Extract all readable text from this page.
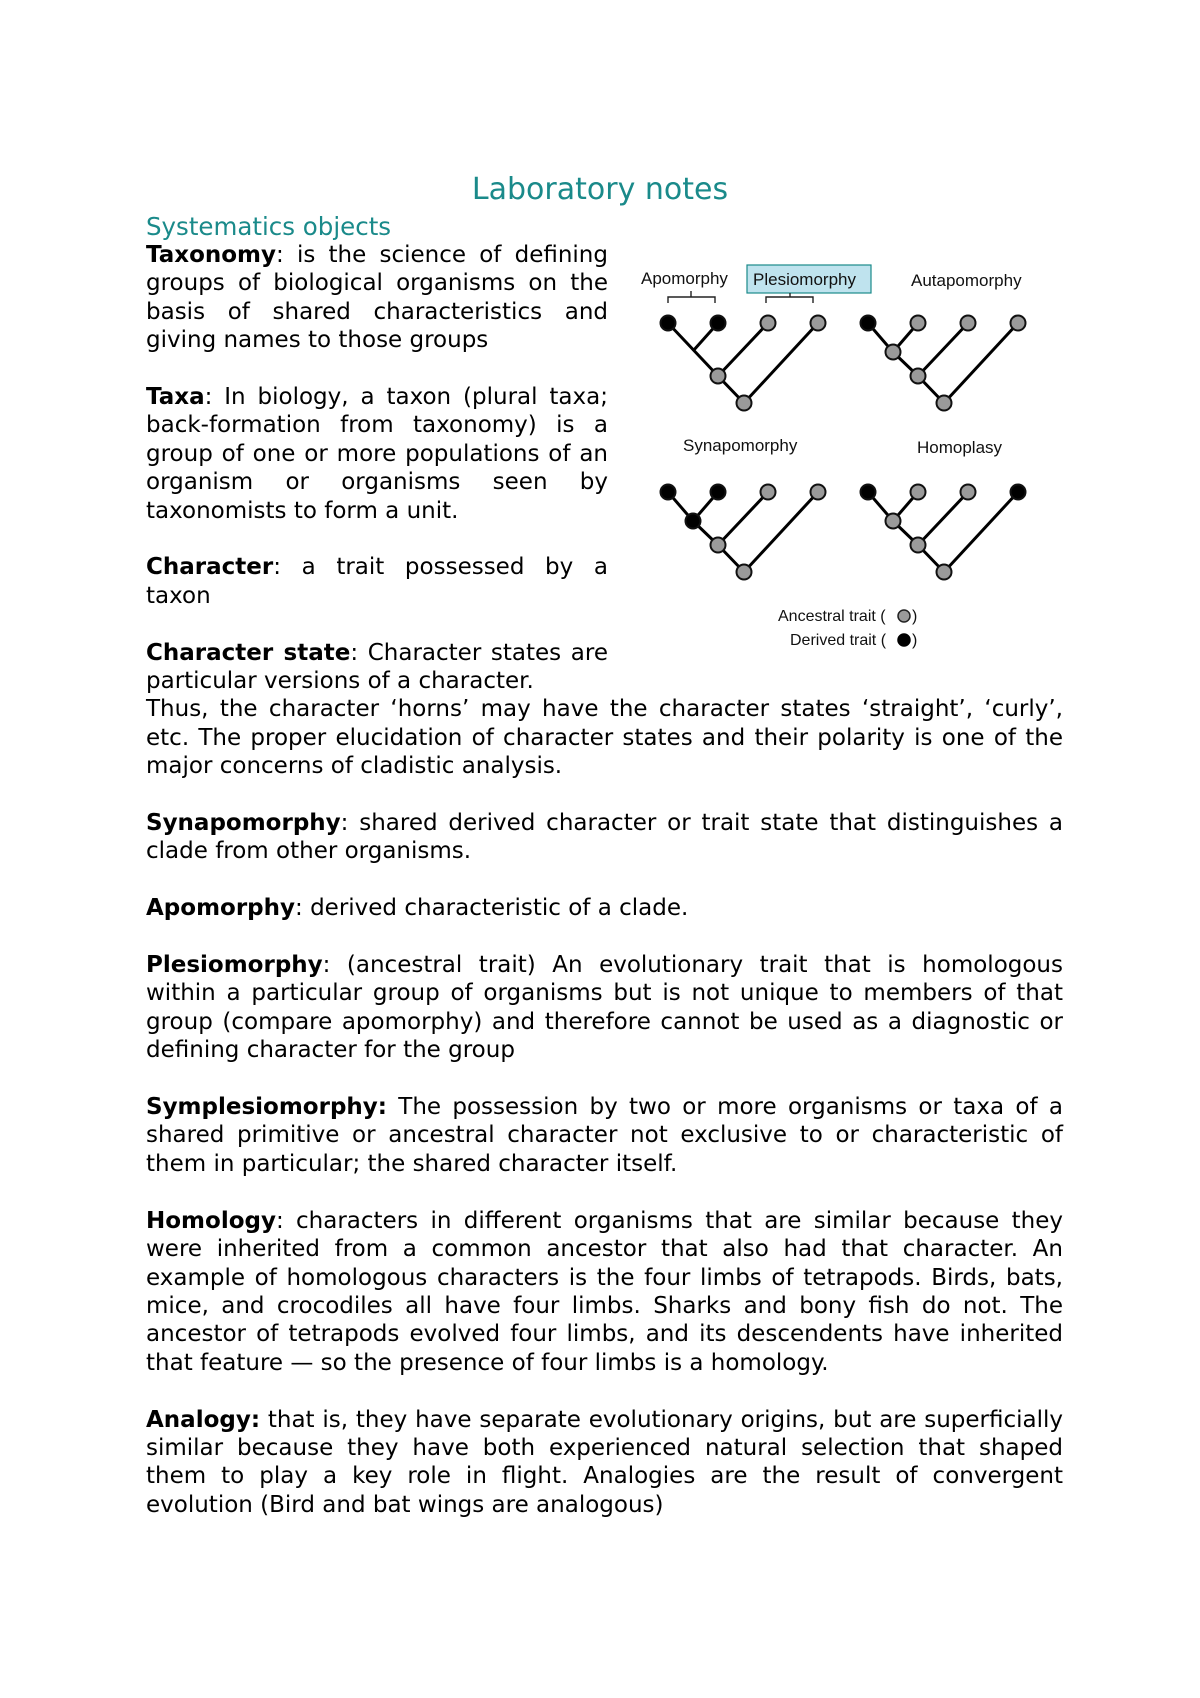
Laboratory notes
Systematics objects

Taxonomy: is the science of defining groups of biological organisms on the basis of shared characteristics and giving names to those groups

Taxa: In biology, a taxon (plural taxa; back-formation from taxonomy) is a group of one or more populations of an organism or organisms seen by taxonomists to form a unit.

Character: a trait possessed by a taxon

Character state: Character states are particular versions of a character.
Thus, the character ‘horns’ may have the character states ‘straight’, ‘curly’, etc. The proper elucidation of character states and their polarity is one of the major concerns of cladistic analysis.

Synapomorphy: shared derived character or trait state that distinguishes a clade from other organisms.

Apomorphy: derived characteristic of a clade.

Plesiomorphy: (ancestral trait) An evolutionary trait that is homologous within a particular group of organisms but is not unique to members of that group (compare apomorphy) and therefore cannot be used as a diagnostic or defining character for the group

Symplesiomorphy: The possession by two or more organisms or taxa of a shared primitive or ancestral character not exclusive to or characteristic of them in particular; the shared character itself.

Homology: characters in different organisms that are similar because they were inherited from a common ancestor that also had that character. An example of homologous characters is the four limbs of tetrapods. Birds, bats, mice, and crocodiles all have four limbs. Sharks and bony fish do not. The ancestor of tetrapods evolved four limbs, and its descendents have inherited that feature — so the presence of four limbs is a homology.

Analogy: that is, they have separate evolutionary origins, but are superficially similar because they have both experienced natural selection that shaped them to play a key role in flight. Analogies are the result of convergent evolution (Bird and bat wings are analogous)

Apomorphy Plesiomorphy	Autapomorphy
Synapomorphy	Homoplasy
Ancestral trait ( )
Derived trait ( )
